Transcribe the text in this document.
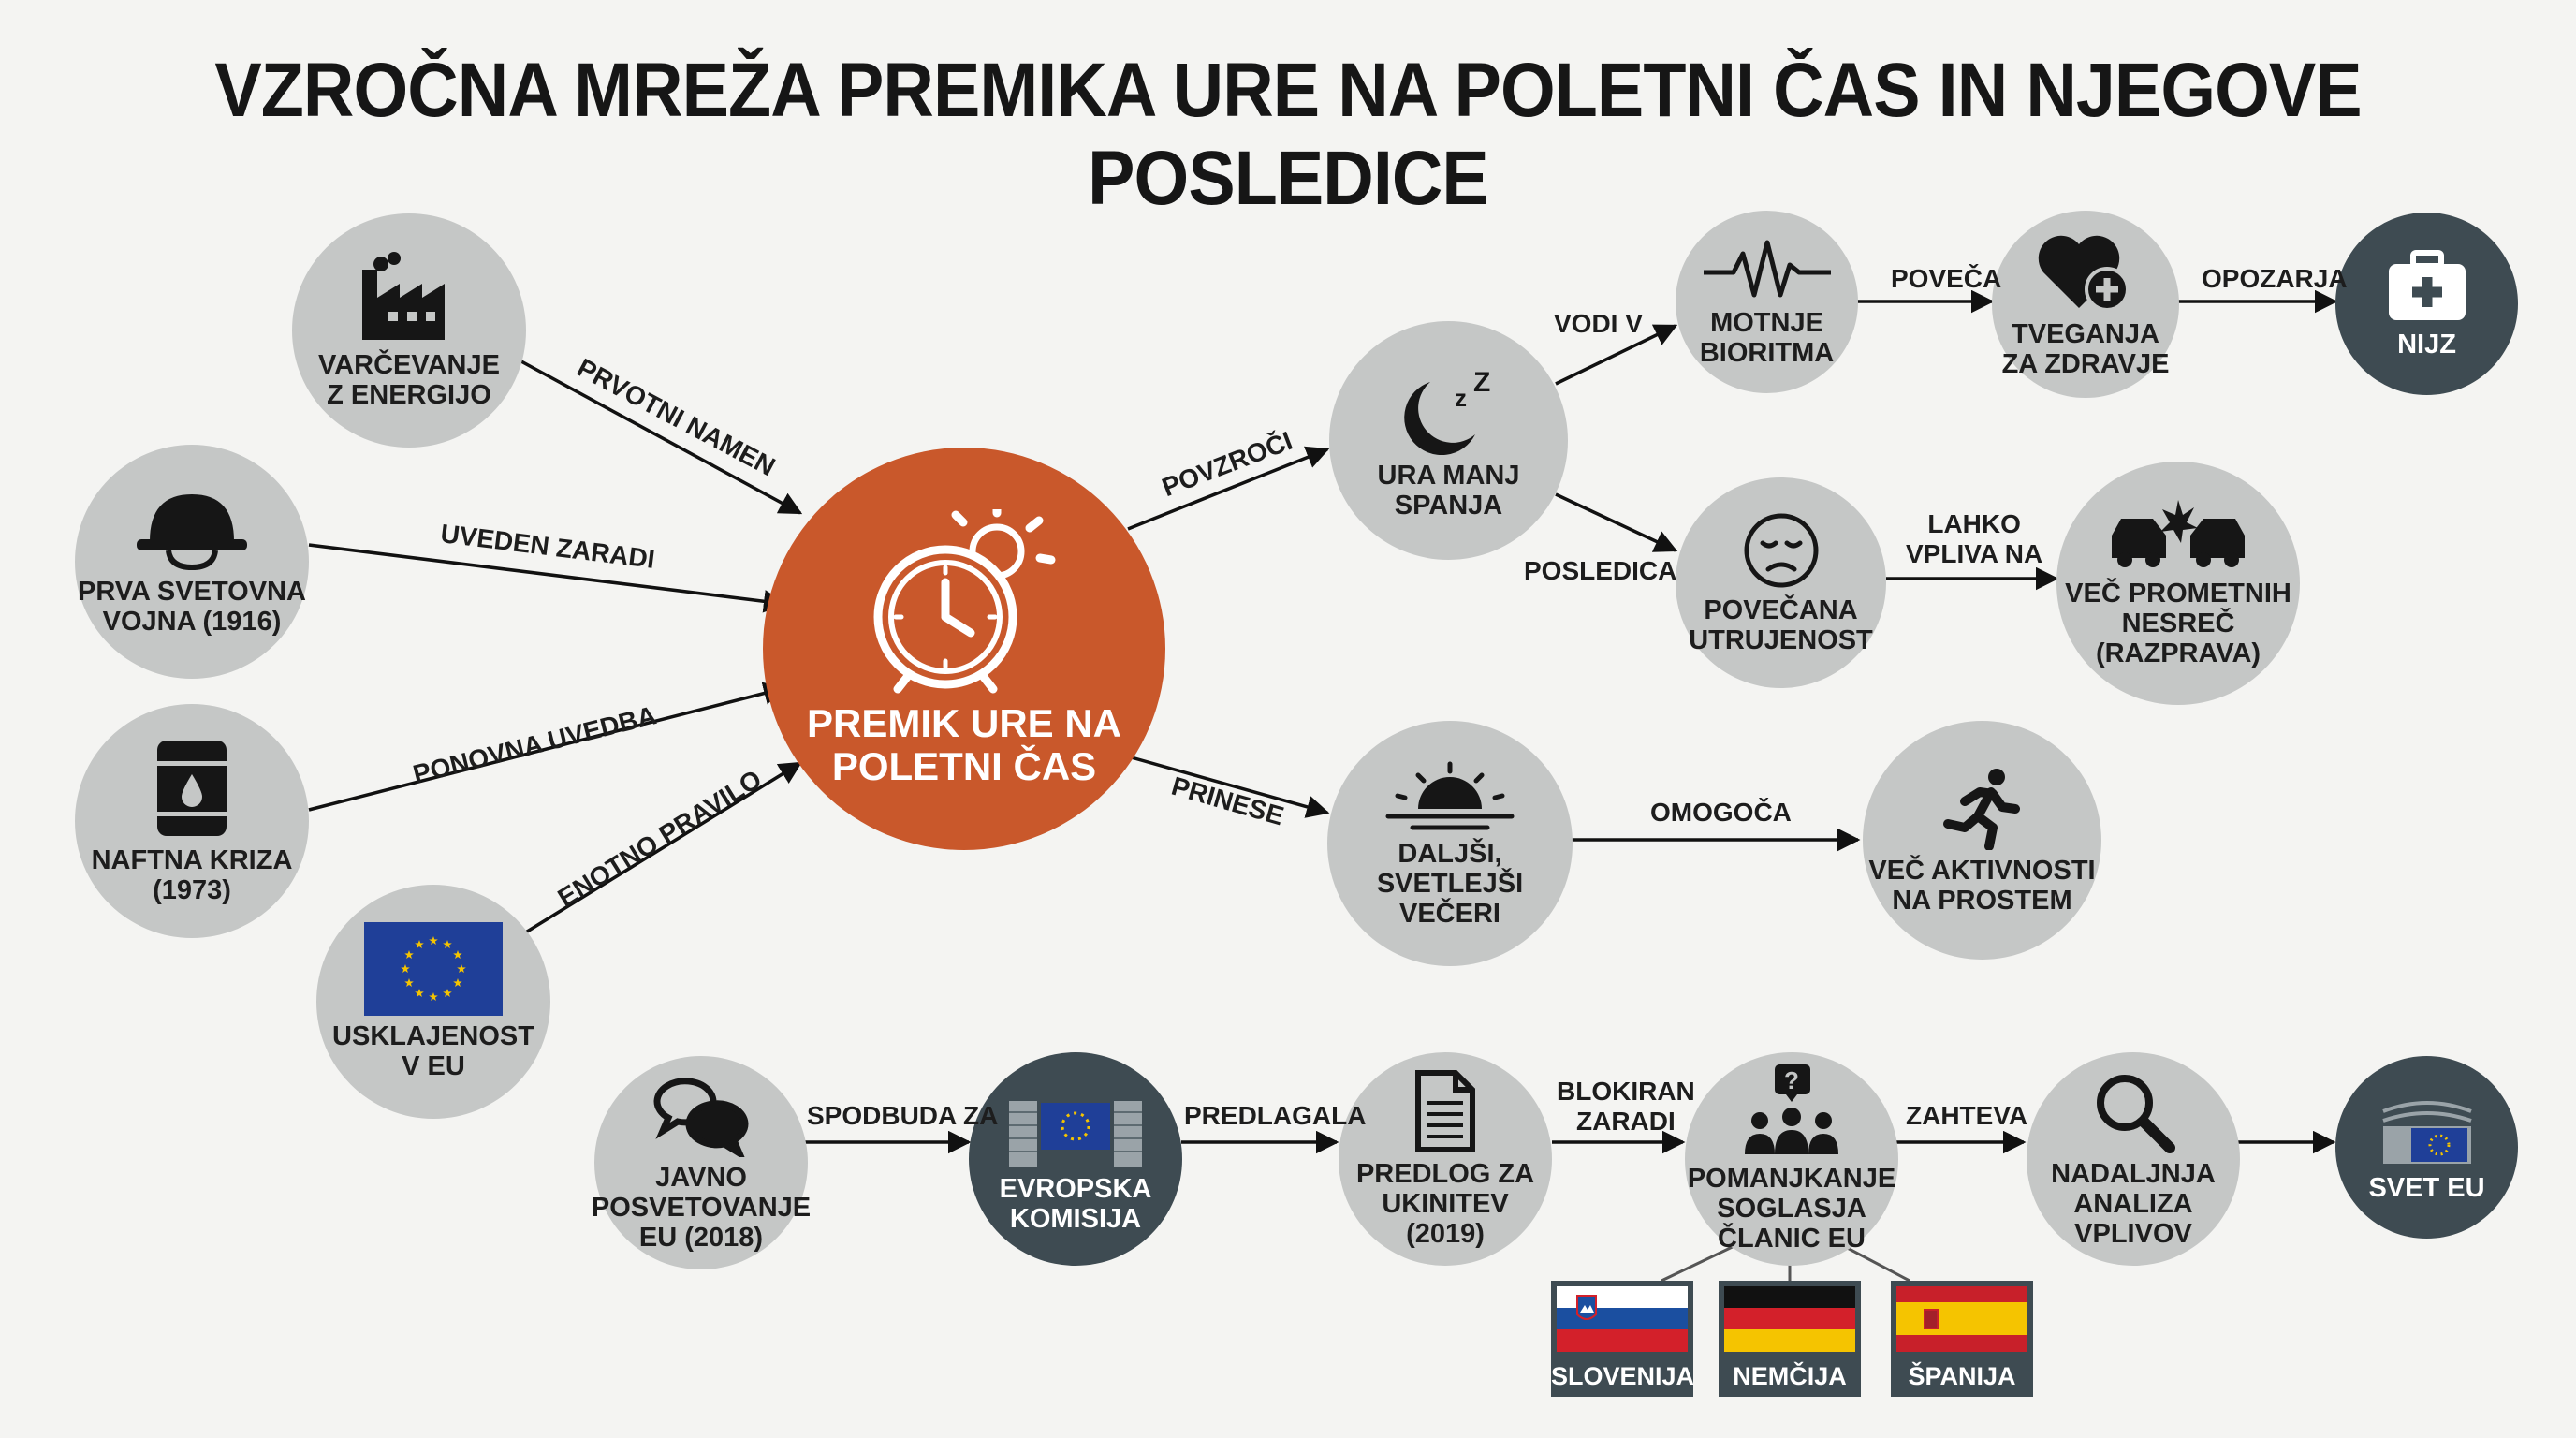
VZROČNA MREŽA PREMIKA URE NA POLETNI ČAS IN NJEGOVE POSLEDICE
PREMIK URE NA
POLETNI ČAS
VARČEVANJE
Z ENERGIJO
PRVA SVETOVNA
VOJNA (1916)
NAFTNA KRIZA
(1973)
USKLAJENOST
V EU
z Z
URA MANJ
SPANJA
MOTNJE
BIORITMA
TVEGANJA
ZA ZDRAVJE
NIJZ
POVEČANA
UTRUJENOST
VEČ PROMETNIH
NESREČ
(RAZPRAVA)
DALJŠI,
SVETLEJŠI
VEČERI
VEČ AKTIVNOSTI
NA PROSTEM
JAVNO
POSVETOVANJE
EU (2018)
EVROPSKA
KOMISIJA
PREDLOG ZA
UKINITEV
(2019)
?
POMANJKANJE
SOGLASJA
ČLANIC EU
NADALJNJA
ANALIZA
VPLIVOV
SVET EU
PRVOTNI NAMEN
UVEDEN ZARADI
PONOVNA UVEDBA
ENOTNO PRAVILO
POVZROČI
VODI V
POVEČA	OPOZARJA
POSLEDICA
LAHKO
VPLIVA NA
PRINESE	OMOGOČA
SPODBUDA ZA	PREDLAGALA
BLOKIRAN
ZARADI	ZAHTEVA
SLOVENIJA	NEMČIJA	ŠPANIJA
